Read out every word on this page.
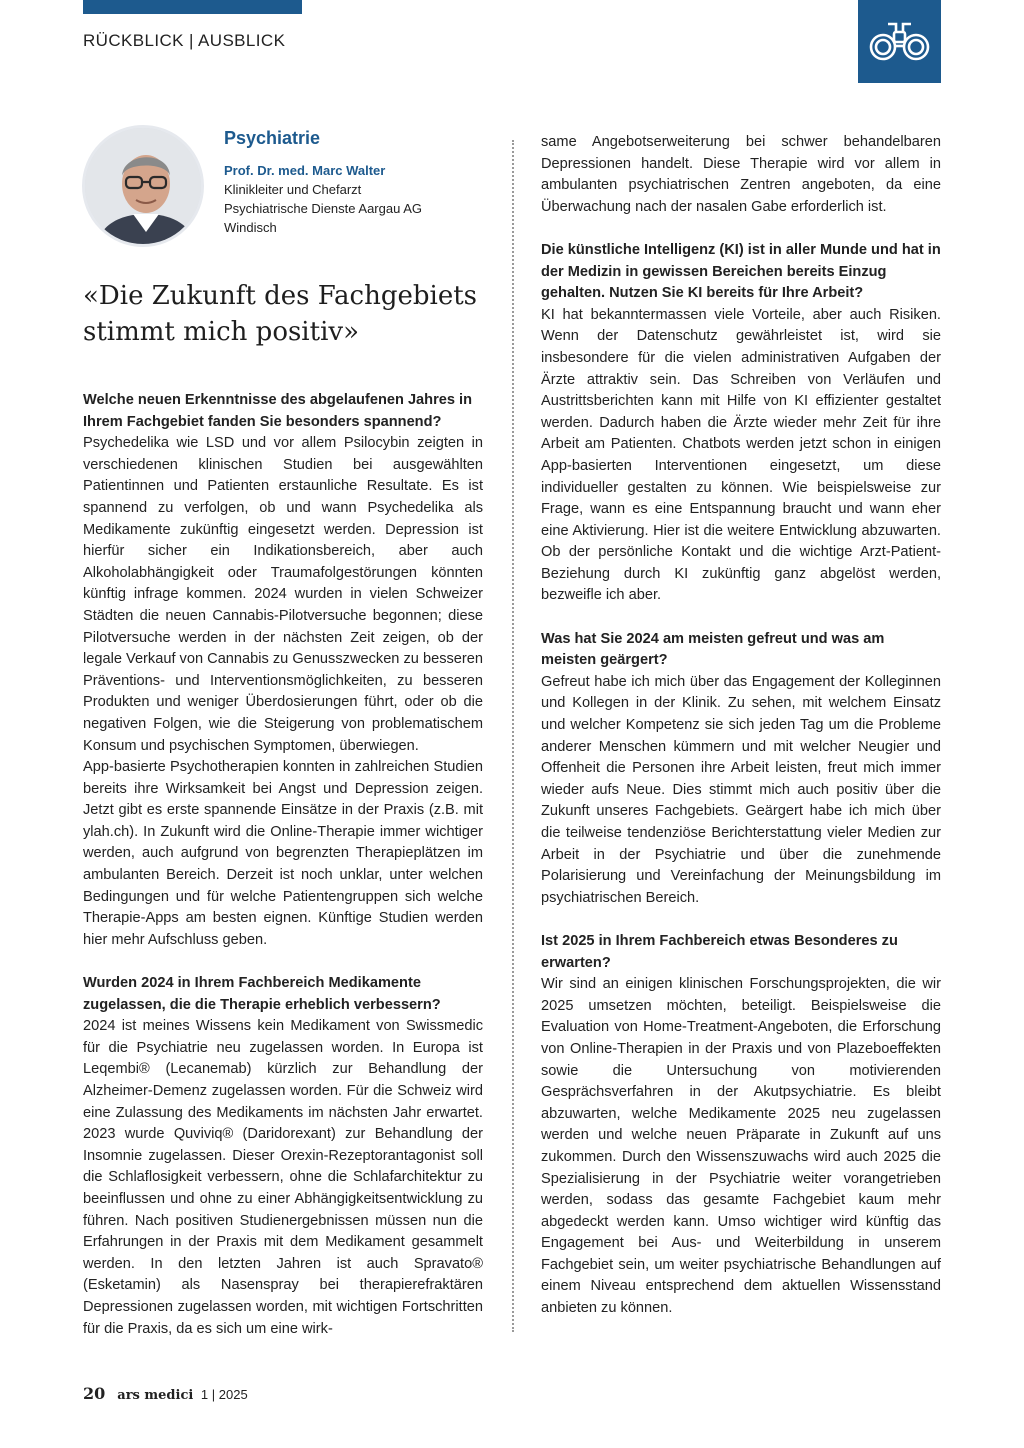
RÜCKBLICK | AUSBLICK
Psychiatrie
Prof. Dr. med. Marc Walter
Klinikleiter und Chefarzt
Psychiatrische Dienste Aargau AG
Windisch
«Die Zukunft des Fachgebiets stimmt mich positiv»

Welche neuen Erkenntnisse des abgelaufenen Jahres in Ihrem Fachgebiet fanden Sie besonders spannend?

Psychedelika wie LSD und vor allem Psilocybin zeigten in verschiedenen klinischen Studien bei ausgewählten Patientinnen und Patienten erstaunliche Resultate. Es ist spannend zu verfolgen, ob und wann Psychedelika als Medikamente zukünftig eingesetzt werden. Depression ist hierfür sicher ein Indikationsbereich, aber auch Alkoholabhängigkeit oder Traumafolgestörungen könnten künftig infrage kommen. 2024 wurden in vielen Schweizer Städten die neuen Cannabis-Pilotversuche begonnen; diese Pilotversuche werden in der nächsten Zeit zeigen, ob der legale Verkauf von Cannabis zu Genusszwecken zu besseren Präventions- und Interventionsmöglichkeiten, zu besseren Produkten und weniger Überdosierungen führt, oder ob die negativen Folgen, wie die Steigerung von problematischem Konsum und psychischen Symptomen, überwiegen.

App-basierte Psychotherapien konnten in zahlreichen Studien bereits ihre Wirksamkeit bei Angst und Depression zeigen. Jetzt gibt es erste spannende Einsätze in der Praxis (z.B. mit ylah.ch). In Zukunft wird die Online-Therapie immer wichtiger werden, auch aufgrund von begrenzten Therapieplätzen im ambulanten Bereich. Derzeit ist noch unklar, unter welchen Bedingungen und für welche Patientengruppen sich welche Therapie-Apps am besten eignen. Künftige Studien werden hier mehr Aufschluss geben.

Wurden 2024 in Ihrem Fachbereich Medikamente zugelassen, die die Therapie erheblich verbessern?

2024 ist meines Wissens kein Medikament von Swissmedic für die Psychiatrie neu zugelassen worden. In Europa ist Leqembi® (Lecanemab) kürzlich zur Behandlung der Alzheimer-Demenz zugelassen worden. Für die Schweiz wird eine Zulassung des Medikaments im nächsten Jahr erwartet. 2023 wurde Quviviq® (Daridorexant) zur Behandlung der Insomnie zugelassen. Dieser Orexin-Rezeptorantagonist soll die Schlaflosigkeit verbessern, ohne die Schlafarchitektur zu beeinflussen und ohne zu einer Abhängigkeitsentwicklung zu führen. Nach positiven Studienergebnissen müssen nun die Erfahrungen in der Praxis mit dem Medikament gesammelt werden. In den letzten Jahren ist auch Spravato® (Esketamin) als Nasenspray bei therapierefraktären Depressionen zugelassen worden, mit wichtigen Fortschritten für die Praxis, da es sich um eine wirk-

same Angebotserweiterung bei schwer behandelbaren Depressionen handelt. Diese Therapie wird vor allem in ambulanten psychiatrischen Zentren angeboten, da eine Überwachung nach der nasalen Gabe erforderlich ist.

Die künstliche Intelligenz (KI) ist in aller Munde und hat in der Medizin in gewissen Bereichen bereits Einzug gehalten. Nutzen Sie KI bereits für Ihre Arbeit?

KI hat bekanntermassen viele Vorteile, aber auch Risiken. Wenn der Datenschutz gewährleistet ist, wird sie insbesondere für die vielen administrativen Aufgaben der Ärzte attraktiv sein. Das Schreiben von Verläufen und Austrittsberichten kann mit Hilfe von KI effizienter gestaltet werden. Dadurch haben die Ärzte wieder mehr Zeit für ihre Arbeit am Patienten. Chatbots werden jetzt schon in einigen App-basierten Interventionen eingesetzt, um diese individueller gestalten zu können. Wie beispielsweise zur Frage, wann es eine Entspannung braucht und wann eher eine Aktivierung. Hier ist die weitere Entwicklung abzuwarten. Ob der persönliche Kontakt und die wichtige Arzt-Patient-Beziehung durch KI zukünftig ganz abgelöst werden, bezweifle ich aber.

Was hat Sie 2024 am meisten gefreut und was am meisten geärgert?

Gefreut habe ich mich über das Engagement der Kolleginnen und Kollegen in der Klinik. Zu sehen, mit welchem Einsatz und welcher Kompetenz sie sich jeden Tag um die Probleme anderer Menschen kümmern und mit welcher Neugier und Offenheit die Personen ihre Arbeit leisten, freut mich immer wieder aufs Neue. Dies stimmt mich auch positiv über die Zukunft unseres Fachgebiets. Geärgert habe ich mich über die teilweise tendenziöse Berichterstattung vieler Medien zur Arbeit in der Psychiatrie und über die zunehmende Polarisierung und Vereinfachung der Meinungsbildung im psychiatrischen Bereich.

Ist 2025 in Ihrem Fachbereich etwas Besonderes zu erwarten?

Wir sind an einigen klinischen Forschungsprojekten, die wir 2025 umsetzen möchten, beteiligt. Beispielsweise die Evaluation von Home-Treatment-Angeboten, die Erforschung von Online-Therapien in der Praxis und von Plazeboeffekten sowie die Untersuchung von motivierenden Gesprächsverfahren in der Akutpsychiatrie. Es bleibt abzuwarten, welche Medikamente 2025 neu zugelassen werden und welche neuen Präparate in Zukunft auf uns zukommen. Durch den Wissenszuwachs wird auch 2025 die Spezialisierung in der Psychiatrie weiter vorangetrieben werden, sodass das gesamte Fachgebiet kaum mehr abgedeckt werden kann. Umso wichtiger wird künftig das Engagement bei Aus- und Weiterbildung in unserem Fachgebiet sein, um weiter psychiatrische Behandlungen auf einem Niveau entsprechend dem aktuellen Wissensstand anbieten zu können.

20 ars medici 1 | 2025
